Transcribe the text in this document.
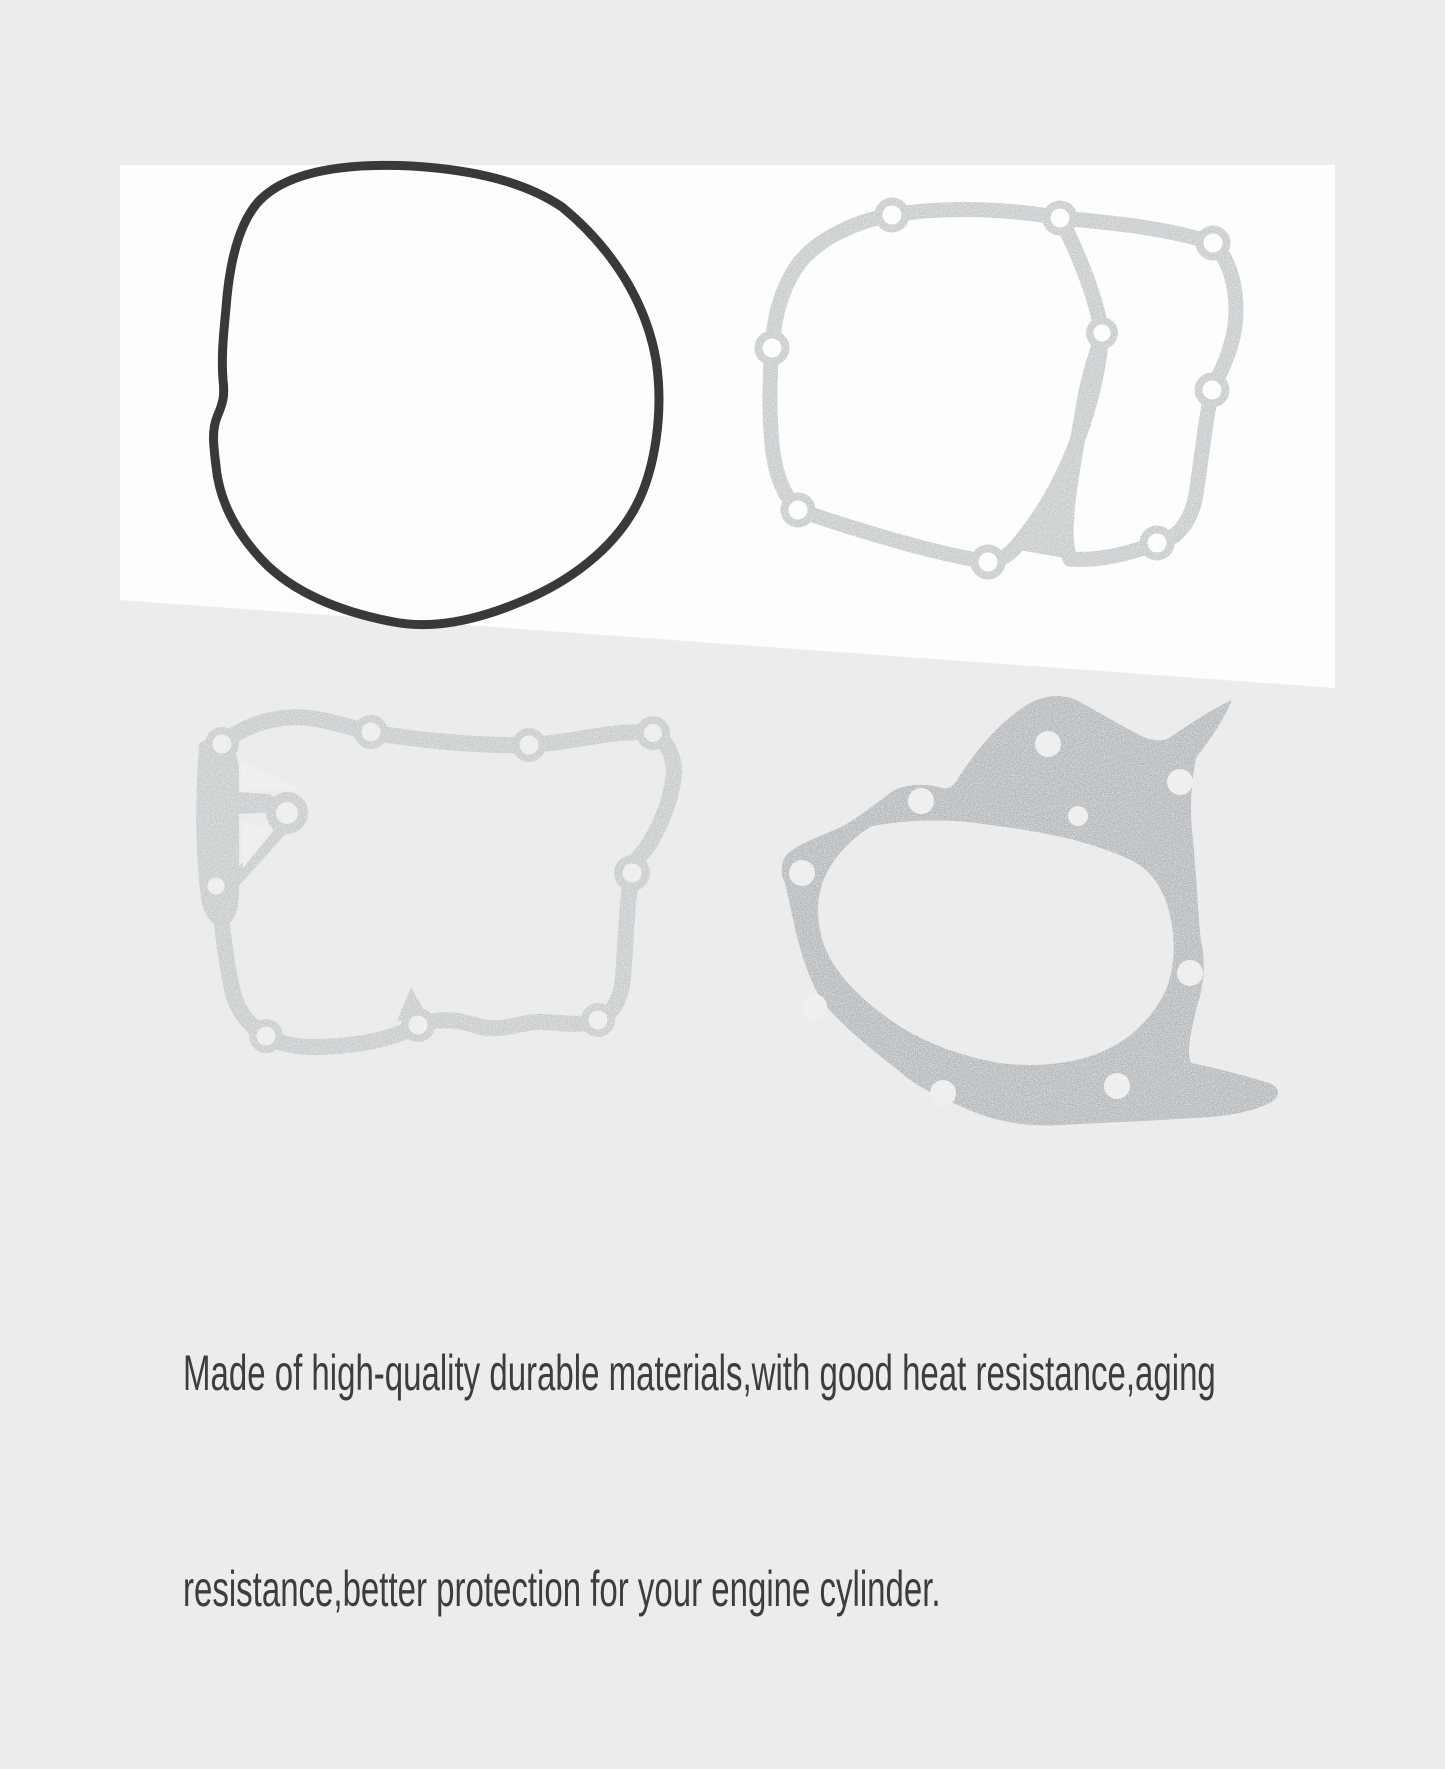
Made of high-quality durable materials,with good heat resistance,aging

resistance,better protection for your engine cylinder.
